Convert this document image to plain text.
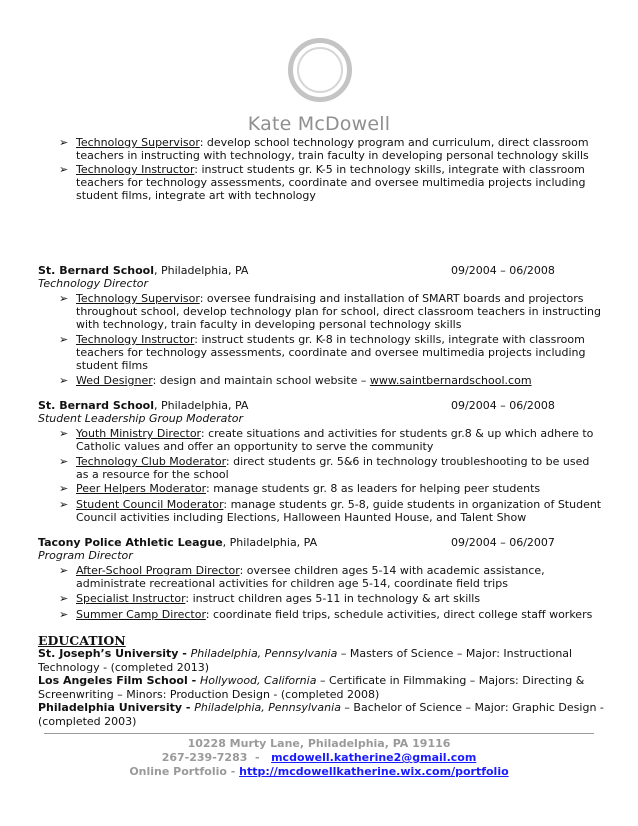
Kate McDowell
➢ Technology Supervisor: develop school technology program and curriculum, direct classroom teachers in instructing with technology, train faculty in developing personal technology skills
➢ Technology Instructor: instruct students gr. K-5 in technology skills, integrate with classroom teachers for technology assessments, coordinate and oversee multimedia projects including student films, integrate art with technology
St. Bernard School, Philadelphia, PA	09/2004 – 06/2008
Technology Director
➢ Technology Supervisor: oversee fundraising and installation of SMART boards and projectors throughout school, develop technology plan for school, direct classroom teachers in instructing with technology, train faculty in developing personal technology skills
➢ Technology Instructor: instruct students gr. K-8 in technology skills, integrate with classroom teachers for technology assessments, coordinate and oversee multimedia projects including student films
➢ Wed Designer: design and maintain school website – www.saintbernardschool.com
St. Bernard School, Philadelphia, PA	09/2004 – 06/2008
Student Leadership Group Moderator
➢ Youth Ministry Director: create situations and activities for students gr.8 & up which adhere to Catholic values and offer an opportunity to serve the community
➢ Technology Club Moderator: direct students gr. 5&6 in technology troubleshooting to be used as a resource for the school
➢ Peer Helpers Moderator: manage students gr. 8 as leaders for helping peer students
➢ Student Council Moderator: manage students gr. 5-8, guide students in organization of Student Council activities including Elections, Halloween Haunted House, and Talent Show
Tacony Police Athletic League, Philadelphia, PA	09/2004 – 06/2007
Program Director
➢ After-School Program Director: oversee children ages 5-14 with academic assistance, administrate recreational activities for children age 5-14, coordinate field trips
➢ Specialist Instructor: instruct children ages 5-11 in technology & art skills
➢ Summer Camp Director: coordinate field trips, schedule activities, direct college staff workers
EDUCATION
St. Joseph’s University - Philadelphia, Pennsylvania – Masters of Science – Major: Instructional Technology - (completed 2013)
Los Angeles Film School - Hollywood, California – Certificate in Filmmaking – Majors: Directing & Screenwriting – Minors: Production Design - (completed 2008)
Philadelphia University - Philadelphia, Pennsylvania – Bachelor of Science – Major: Graphic Design - (completed 2003)
10228 Murty Lane, Philadelphia, PA 19116
267-239-7283  -   mcdowell.katherine2@gmail.com
Online Portfolio - http://mcdowellkatherine.wix.com/portfolio
